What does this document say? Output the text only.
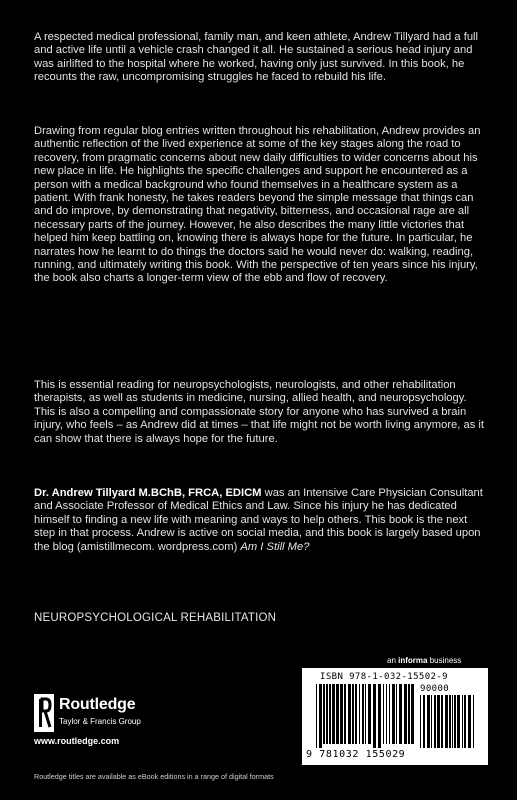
A respected medical professional, family man, and keen athlete, Andrew Tillyard had a full and active life until a vehicle crash changed it all. He sustained a serious head injury and was airlifted to the hospital where he worked, having only just survived. In this book, he recounts the raw, uncompromising struggles he faced to rebuild his life.

Drawing from regular blog entries written throughout his rehabilitation, Andrew provides an authentic reflection of the lived experience at some of the key stages along the road to recovery, from pragmatic concerns about new daily difficulties to wider concerns about his new place in life. He highlights the specific challenges and support he encountered as a person with a medical background who found themselves in a healthcare system as a patient. With frank honesty, he takes readers beyond the simple message that things can and do improve, by demonstrating that negativity, bitterness, and occasional rage are all necessary parts of the journey. However, he also describes the many little victories that helped him keep battling on, knowing there is always hope for the future. In particular, he narrates how he learnt to do things the doctors said he would never do: walking, reading, running, and ultimately writing this book. With the perspective of ten years since his injury, the book also charts a longer-term view of the ebb and flow of recovery.

This is essential reading for neuropsychologists, neurologists, and other rehabilitation therapists, as well as students in medicine, nursing, allied health, and neuropsychology. This is also a compelling and compassionate story for anyone who has survived a brain injury, who feels – as Andrew did at times – that life might not be worth living anymore, as it can show that there is always hope for the future.

Dr. Andrew Tillyard M.BChB, FRCA, EDICM was an Intensive Care Physician Consultant and Associate Professor of Medical Ethics and Law. Since his injury he has dedicated himself to finding a new life with meaning and ways to help others. This book is the next step in that process. Andrew is active on social media, and this book is largely based upon the blog (amistillmecom. wordpress.com) Am I Still Me?

NEUROPSYCHOLOGICAL REHABILITATION
an informa business
ISBN 978-1-032-15502-9
90000
9 781032 155029
Routledge
Taylor & Francis Group
www.routledge.com
Routledge titles are available as eBook editions in a range of digital formats
